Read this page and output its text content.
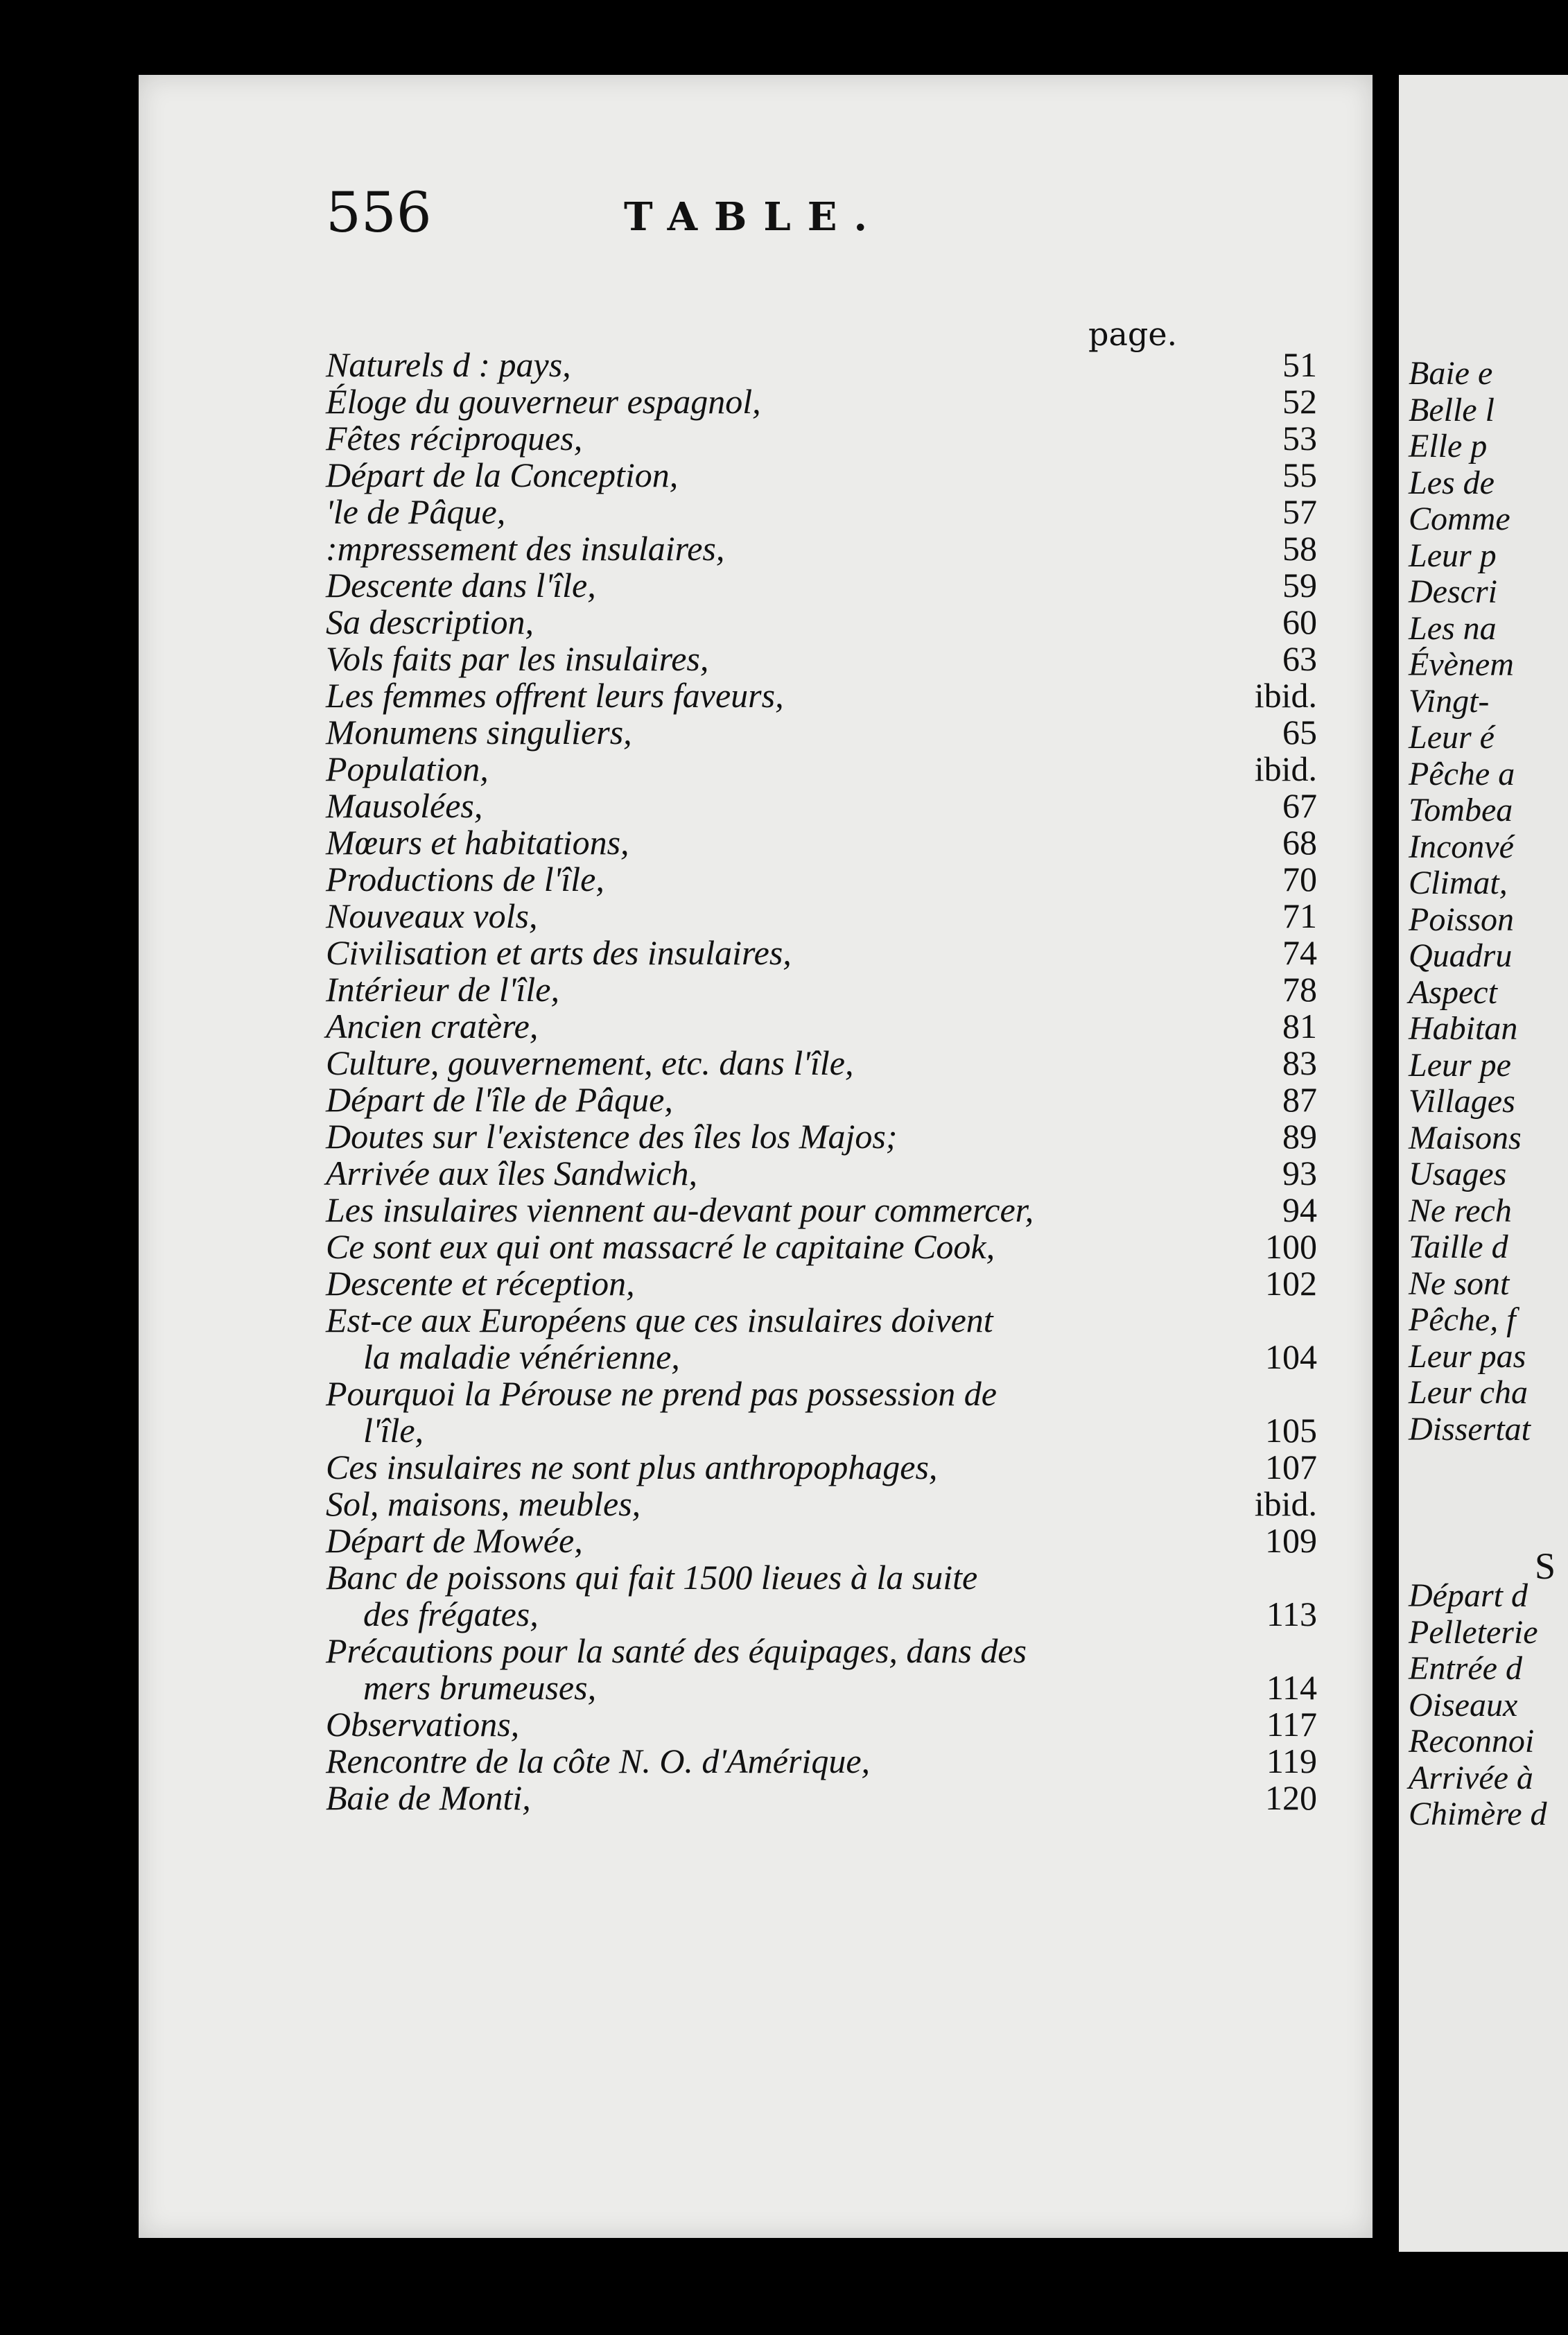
Baie e
Belle l
Elle p
Les de
Comme
Leur p
Descri
Les na
Évènem
Vingt-
Leur é
Pêche a
Tombea
Inconvé
Climat,
Poisson
Quadru
Aspect
Habitan
Leur pe
Villages
Maisons
Usages
Ne rech
Taille d
Ne sont
Pêche, f
Leur pas
Leur cha
Dissertat
S
Départ d
Pelleterie
Entrée d
Oiseaux
Reconnoi
Arrivée à
Chimère d
556	TABLE.
page.
Naturels d : pays,	51
Éloge du gouverneur espagnol,	52
Fêtes réciproques,	53
Départ de la Conception,	55
'le de Pâque,	57
:mpressement des insulaires,	58
Descente dans l'île,	59
Sa description,	60
Vols faits par les insulaires,	63
Les femmes offrent leurs faveurs,	ibid.
Monumens singuliers,	65
Population,	ibid.
Mausolées,	67
Mœurs et habitations,	68
Productions de l'île,	70
Nouveaux vols,	71
Civilisation et arts des insulaires,	74
Intérieur de l'île,	78
Ancien cratère,	81
Culture, gouvernement, etc. dans l'île,	83
Départ de l'île de Pâque,	87
Doutes sur l'existence des îles los Majos;	89
Arrivée aux îles Sandwich,	93
Les insulaires viennent au-devant pour commercer,	94
Ce sont eux qui ont massacré le capitaine Cook,	100
Descente et réception,	102
Est-ce aux Européens que ces insulaires doivent
la maladie vénérienne,	104
Pourquoi la Pérouse ne prend pas possession de
l'île,	105
Ces insulaires ne sont plus anthropophages,	107
Sol, maisons, meubles,	ibid.
Départ de Mowée,	109
Banc de poissons qui fait 1500 lieues à la suite
des frégates,	113
Précautions pour la santé des équipages, dans des
mers brumeuses,	114
Observations,	117
Rencontre de la côte N. O. d'Amérique,	119
Baie de Monti,	120
